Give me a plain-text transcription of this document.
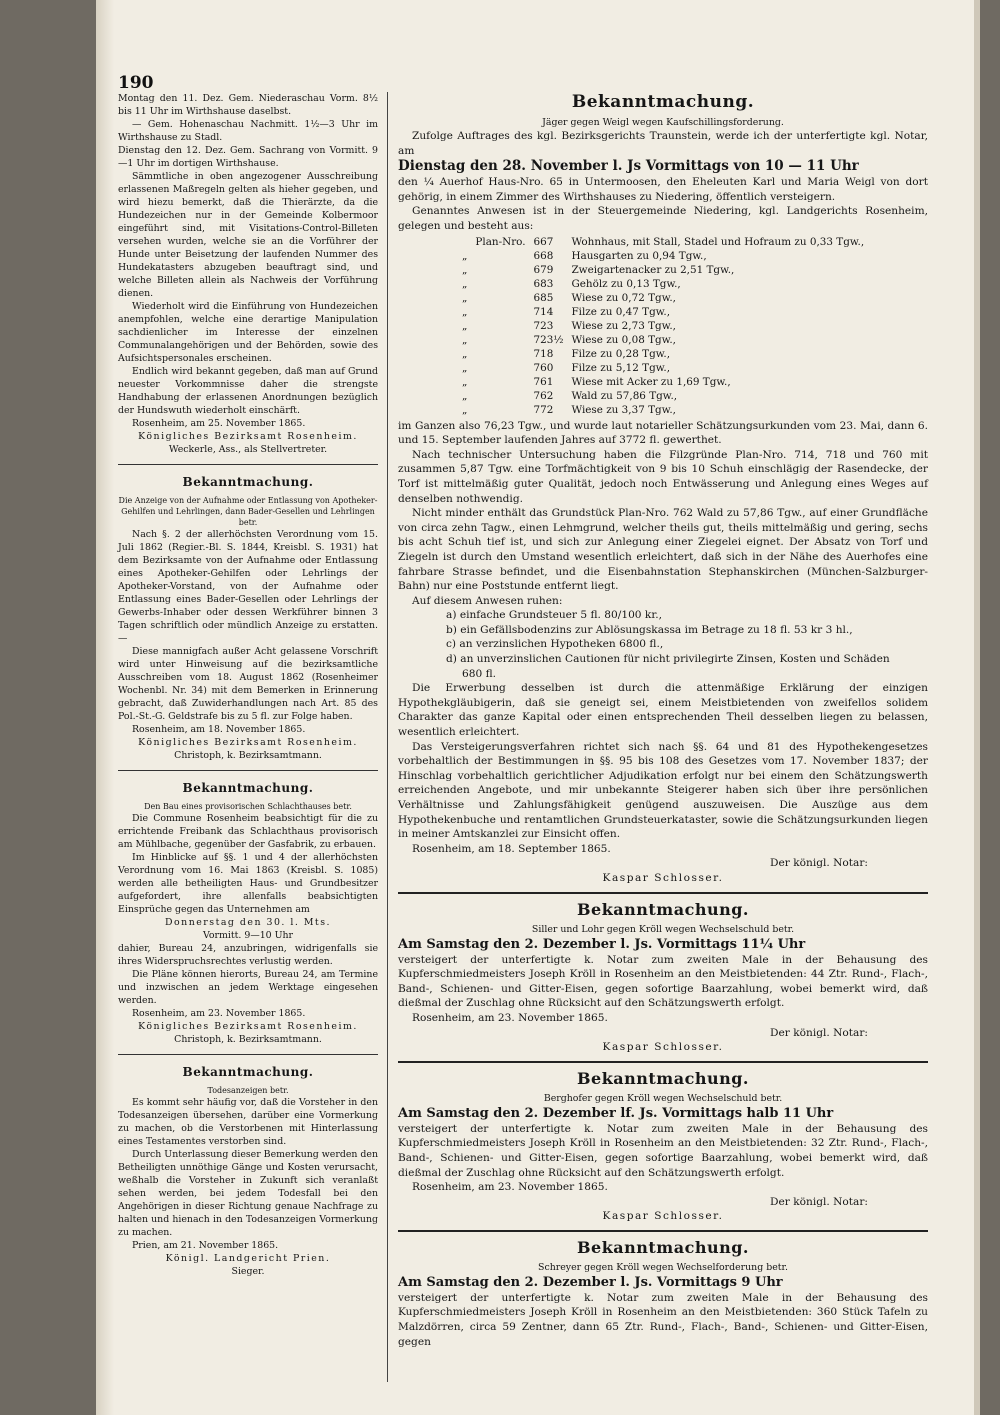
190

Montag den 11. Dez. Gem. Niederaschau Vorm. 8½ bis 11 Uhr im Wirthshause daselbst.

— Gem. Hohenaschau Nachmitt. 1½—3 Uhr im Wirthshause zu Stadl.

Dienstag den 12. Dez. Gem. Sachrang von Vormitt. 9—1 Uhr im dortigen Wirthshause.

Sämmtliche in oben angezogener Ausschreibung erlassenen Maßregeln gelten als hieher gegeben, und wird hiezu bemerkt, daß die Thierärzte, da die Hundezeichen nur in der Gemeinde Kolbermoor eingeführt sind, mit Visitations-Control-Billeten versehen wurden, welche sie an die Vorführer der Hunde unter Beisetzung der laufenden Nummer des Hundekatasters abzugeben beauftragt sind, und welche Billeten allein als Nachweis der Vorführung dienen.

Wiederholt wird die Einführung von Hundezeichen anempfohlen, welche eine derartige Manipulation sachdienlicher im Interesse der einzelnen Communalangehörigen und der Behörden, sowie des Aufsichtspersonales erscheinen.

Endlich wird bekannt gegeben, daß man auf Grund neuester Vorkommnisse daher die strengste Handhabung der erlassenen Anordnungen bezüglich der Hundswuth wiederholt einschärft.

Rosenheim, am 25. November 1865.

Königliches Bezirksamt Rosenheim.

Weckerle, Ass., als Stellvertreter.

Bekanntmachung.

Die Anzeige von der Aufnahme oder Entlassung von Apotheker-Gehilfen und Lehrlingen, dann Bader-Gesellen und Lehrlingen betr.

Nach §. 2 der allerhöchsten Verordnung vom 15. Juli 1862 (Regier.-Bl. S. 1844, Kreisbl. S. 1931) hat dem Bezirksamte von der Aufnahme oder Entlassung eines Apotheker-Gehilfen oder Lehrlings der Apotheker-Vorstand, von der Aufnahme oder Entlassung eines Bader-Gesellen oder Lehrlings der Gewerbs-Inhaber oder dessen Werkführer binnen 3 Tagen schriftlich oder mündlich Anzeige zu erstatten. —

Diese mannigfach außer Acht gelassene Vorschrift wird unter Hinweisung auf die bezirksamtliche Ausschreiben vom 18. August 1862 (Rosenheimer Wochenbl. Nr. 34) mit dem Bemerken in Erinnerung gebracht, daß Zuwiderhandlungen nach Art. 85 des Pol.-St.-G. Geldstrafe bis zu 5 fl. zur Folge haben.

Rosenheim, am 18. November 1865.

Königliches Bezirksamt Rosenheim.

Christoph, k. Bezirksamtmann.

Bekanntmachung.

Den Bau eines provisorischen Schlachthauses betr.

Die Commune Rosenheim beabsichtigt für die zu errichtende Freibank das Schlachthaus provisorisch am Mühlbache, gegenüber der Gasfabrik, zu erbauen.

Im Hinblicke auf §§. 1 und 4 der allerhöchsten Verordnung vom 16. Mai 1863 (Kreisbl. S. 1085) werden alle betheiligten Haus- und Grundbesitzer aufgefordert, ihre allenfalls beabsichtigten Einsprüche gegen das Unternehmen am

Donnerstag den 30. l. Mts.

Vormitt. 9—10 Uhr

dahier, Bureau 24, anzubringen, widrigenfalls sie ihres Widerspruchsrechtes verlustig werden.

Die Pläne können hierorts, Bureau 24, am Termine und inzwischen an jedem Werktage eingesehen werden.

Rosenheim, am 23. November 1865.

Königliches Bezirksamt Rosenheim.

Christoph, k. Bezirksamtmann.

Bekanntmachung.

Todesanzeigen betr.

Es kommt sehr häufig vor, daß die Vorsteher in den Todesanzeigen übersehen, darüber eine Vormerkung zu machen, ob die Verstorbenen mit Hinterlassung eines Testamentes verstorben sind.

Durch Unterlassung dieser Bemerkung werden den Betheiligten unnöthige Gänge und Kosten verursacht, weßhalb die Vorsteher in Zukunft sich veranlaßt sehen werden, bei jedem Todesfall bei den Angehörigen in dieser Richtung genaue Nachfrage zu halten und hienach in den Todesanzeigen Vormerkung zu machen.

Prien, am 21. November 1865.

Königl. Landgericht Prien.

Sieger.

Bekanntmachung.

Jäger gegen Weigl wegen Kaufschillingsforderung.

Zufolge Auftrages des kgl. Bezirksgerichts Traunstein, werde ich der unterfertigte kgl. Notar, am

Dienstag den 28. November l. Js Vormittags von 10 — 11 Uhr

den ¼ Auerhof Haus-Nro. 65 in Untermoosen, den Eheleuten Karl und Maria Weigl von dort gehörig, in einem Zimmer des Wirthshauses zu Niedering, öffentlich versteigern.

Genanntes Anwesen ist in der Steuergemeinde Niedering, kgl. Landgerichts Rosenheim, gelegen und besteht aus:

	Plan-Nro.	667	Wohnhaus, mit Stall, Stadel und Hofraum zu 0,33 Tgw.,
„		668	Hausgarten zu 0,94 Tgw.,
„		679	Zweigartenacker zu 2,51 Tgw.,
„		683	Gehölz zu 0,13 Tgw.,
„		685	Wiese zu 0,72 Tgw.,
„		714	Filze zu 0,47 Tgw.,
„		723	Wiese zu 2,73 Tgw.,
„		723½	Wiese zu 0,08 Tgw.,
„		718	Filze zu 0,28 Tgw.,
„		760	Filze zu 5,12 Tgw.,
„		761	Wiese mit Acker zu 1,69 Tgw.,
„		762	Wald zu 57,86 Tgw.,
„		772	Wiese zu 3,37 Tgw.,

im Ganzen also 76,23 Tgw., und wurde laut notarieller Schätzungsurkunden vom 23. Mai, dann 6. und 15. September laufenden Jahres auf 3772 fl. gewerthet.

Nach technischer Untersuchung haben die Filzgründe Plan-Nro. 714, 718 und 760 mit zusammen 5,87 Tgw. eine Torfmächtigkeit von 9 bis 10 Schuh einschlägig der Rasendecke, der Torf ist mittelmäßig guter Qualität, jedoch noch Entwässerung und Anlegung eines Weges auf denselben nothwendig.

Nicht minder enthält das Grundstück Plan-Nro. 762 Wald zu 57,86 Tgw., auf einer Grundfläche von circa zehn Tagw., einen Lehmgrund, welcher theils gut, theils mittelmäßig und gering, sechs bis acht Schuh tief ist, und sich zur Anlegung einer Ziegelei eignet. Der Absatz von Torf und Ziegeln ist durch den Umstand wesentlich erleichtert, daß sich in der Nähe des Auerhofes eine fahrbare Strasse befindet, und die Eisenbahnstation Stephanskirchen (München-Salzburger-Bahn) nur eine Poststunde entfernt liegt.

Auf diesem Anwesen ruhen:

a) einfache Grundsteuer 5 fl. 80/100 kr.,
b) ein Gefällsbodenzins zur Ablösungskassa im Betrage zu 18 fl. 53 kr 3 hl.,
c) an verzinslichen Hypotheken 6800 fl.,
d) an unverzinslichen Cautionen für nicht privilegirte Zinsen, Kosten und Schäden
680 fl.

Die Erwerbung desselben ist durch die attenmäßige Erklärung der einzigen Hypothekgläubigerin, daß sie geneigt sei, einem Meistbietenden von zweifellos solidem Charakter das ganze Kapital oder einen entsprechenden Theil desselben liegen zu belassen, wesentlich erleichtert.

Das Versteigerungsverfahren richtet sich nach §§. 64 und 81 des Hypothekengesetzes vorbehaltlich der Bestimmungen in §§. 95 bis 108 des Gesetzes vom 17. November 1837; der Hinschlag vorbehaltlich gerichtlicher Adjudikation erfolgt nur bei einem den Schätzungswerth erreichenden Angebote, und mir unbekannte Steigerer haben sich über ihre persönlichen Verhältnisse und Zahlungsfähigkeit genügend auszuweisen. Die Auszüge aus dem Hypothekenbuche und rentamtlichen Grundsteuerkataster, sowie die Schätzungsurkunden liegen in meiner Amtskanzlei zur Einsicht offen.

Rosenheim, am 18. September 1865.

Der königl. Notar:

Kaspar Schlosser.

Bekanntmachung.

Siller und Lohr gegen Kröll wegen Wechselschuld betr.

Am Samstag den 2. Dezember l. Js. Vormittags 11¼ Uhr

versteigert der unterfertigte k. Notar zum zweiten Male in der Behausung des Kupferschmiedmeisters Joseph Kröll in Rosenheim an den Meistbietenden: 44 Ztr. Rund-, Flach-, Band-, Schienen- und Gitter-Eisen, gegen sofortige Baarzahlung, wobei bemerkt wird, daß dießmal der Zuschlag ohne Rücksicht auf den Schätzungswerth erfolgt.

Rosenheim, am 23. November 1865.

Der königl. Notar:

Kaspar Schlosser.

Bekanntmachung.

Berghofer gegen Kröll wegen Wechselschuld betr.

Am Samstag den 2. Dezember lf. Js. Vormittags halb 11 Uhr

versteigert der unterfertigte k. Notar zum zweiten Male in der Behausung des Kupferschmiedmeisters Joseph Kröll in Rosenheim an den Meistbietenden: 32 Ztr. Rund-, Flach-, Band-, Schienen- und Gitter-Eisen, gegen sofortige Baarzahlung, wobei bemerkt wird, daß dießmal der Zuschlag ohne Rücksicht auf den Schätzungswerth erfolgt.

Rosenheim, am 23. November 1865.

Der königl. Notar:

Kaspar Schlosser.

Bekanntmachung.

Schreyer gegen Kröll wegen Wechselforderung betr.

Am Samstag den 2. Dezember l. Js. Vormittags 9 Uhr

versteigert der unterfertigte k. Notar zum zweiten Male in der Behausung des Kupferschmiedmeisters Joseph Kröll in Rosenheim an den Meistbietenden: 360 Stück Tafeln zu Malzdörren, circa 59 Zentner, dann 65 Ztr. Rund-, Flach-, Band-, Schienen- und Gitter-Eisen, gegen
